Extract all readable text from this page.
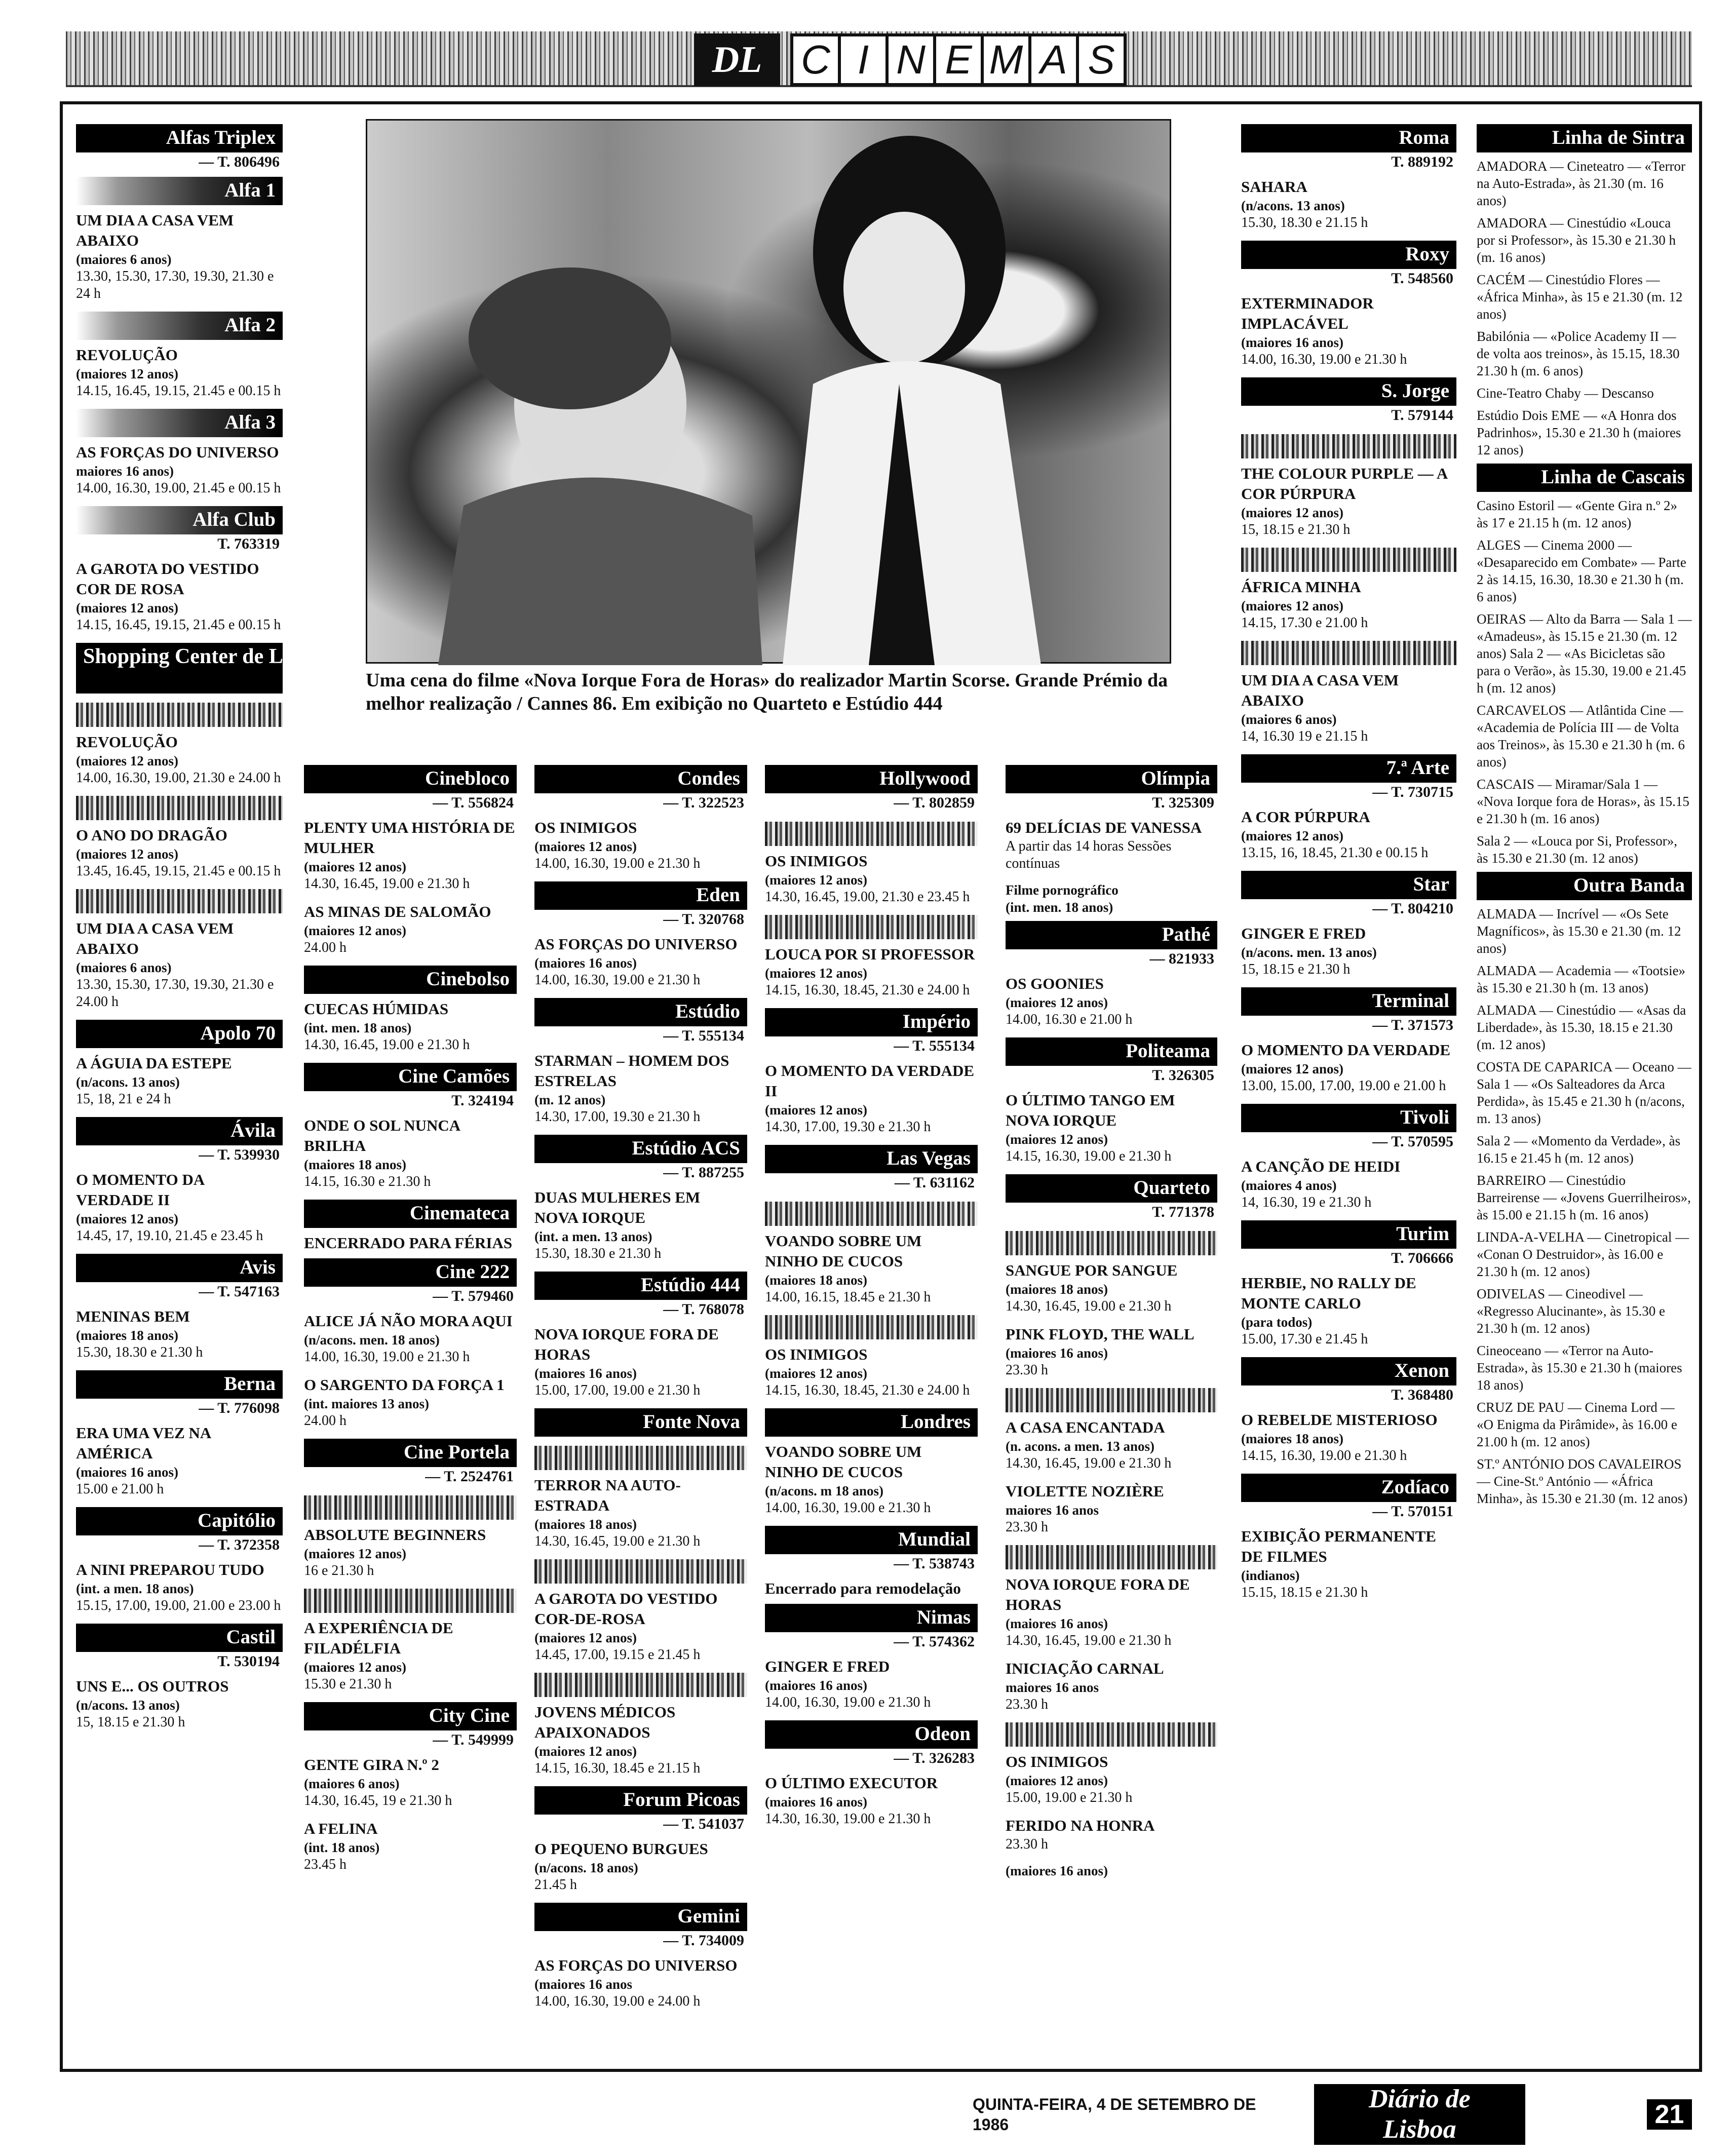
DL C I N E M A S
Alfas Triplex
— T. 806496
Alfa 1
UM DIA A CASA VEM ABAIXO
(maiores 6 anos)
13.30, 15.30, 17.30, 19.30, 21.30 e 24 h
Alfa 2
REVOLUÇÃO
(maiores 12 anos)
14.15, 16.45, 19.15, 21.45 e 00.15 h
Alfa 3
AS FORÇAS DO UNIVERSO
maiores 16 anos)
14.00, 16.30, 19.00, 21.45 e 00.15 h
Alfa Club
T. 763319
A GAROTA DO VESTIDO COR DE ROSA
(maiores 12 anos)
14.15, 16.45, 19.15, 21.45 e 00.15 h
Shopping Center de Lisboa
REVOLUÇÃO
(maiores 12 anos)
14.00, 16.30, 19.00, 21.30 e 24.00 h
O ANO DO DRAGÃO
(maiores 12 anos)
13.45, 16.45, 19.15, 21.45 e 00.15 h
UM DIA A CASA VEM ABAIXO
(maiores 6 anos)
13.30, 15.30, 17.30, 19.30, 21.30 e 24.00 h
Apolo 70
A ÁGUIA DA ESTEPE
(n/acons. 13 anos)
15, 18, 21 e 24 h
Ávila
— T. 539930
O MOMENTO DA VERDADE II
(maiores 12 anos)
14.45, 17, 19.10, 21.45 e 23.45 h
Avis
— T. 547163
MENINAS BEM
(maiores 18 anos)
15.30, 18.30 e 21.30 h
Berna
— T. 776098
ERA UMA VEZ NA AMÉRICA
(maiores 16 anos)
15.00 e 21.00 h
Capitólio
— T. 372358
A NINI PREPAROU TUDO
(int. a men. 18 anos)
15.15, 17.00, 19.00, 21.00 e 23.00 h
Castil
T. 530194
UNS E... OS OUTROS
(n/acons. 13 anos)
15, 18.15 e 21.30 h
Cinebloco
— T. 556824
PLENTY UMA HISTÓRIA DE MULHER
(maiores 12 anos)
14.30, 16.45, 19.00 e 21.30 h
AS MINAS DE SALOMÃO
(maiores 12 anos)
24.00 h
Cinebolso
CUECAS HÚMIDAS
(int. men. 18 anos)
14.30, 16.45, 19.00 e 21.30 h
Cine Camões
T. 324194
ONDE O SOL NUNCA BRILHA
(maiores 18 anos)
14.15, 16.30 e 21.30 h
Cinemateca
ENCERRADO PARA FÉRIAS
Cine 222
— T. 579460
ALICE JÁ NÃO MORA AQUI
(n/acons. men. 18 anos)
14.00, 16.30, 19.00 e 21.30 h
O SARGENTO DA FORÇA 1
(int. maiores 13 anos)
24.00 h
Cine Portela
— T. 2524761
ABSOLUTE BEGINNERS
(maiores 12 anos)
16 e 21.30 h
A EXPERIÊNCIA DE FILADÉLFIA
(maiores 12 anos)
15.30 e 21.30 h
City Cine
— T. 549999
GENTE GIRA N.º 2
(maiores 6 anos)
14.30, 16.45, 19 e 21.30 h
A FELINA
(int. 18 anos)
23.45 h
Condes
— T. 322523
OS INIMIGOS
(maiores 12 anos)
14.00, 16.30, 19.00 e 21.30 h
Eden
— T. 320768
AS FORÇAS DO UNIVERSO
(maiores 16 anos)
14.00, 16.30, 19.00 e 21.30 h
Estúdio
— T. 555134
STARMAN – HOMEM DOS ESTRELAS
(m. 12 anos)
14.30, 17.00, 19.30 e 21.30 h
Estúdio ACS
— T. 887255
DUAS MULHERES EM NOVA IORQUE
(int. a men. 13 anos)
15.30, 18.30 e 21.30 h
Estúdio 444
— T. 768078
NOVA IORQUE FORA DE HORAS
(maiores 16 anos)
15.00, 17.00, 19.00 e 21.30 h
Fonte Nova
TERROR NA AUTO-ESTRADA
(maiores 18 anos)
14.30, 16.45, 19.00 e 21.30 h
A GAROTA DO VESTIDO COR-DE-ROSA
(maiores 12 anos)
14.45, 17.00, 19.15 e 21.45 h
JOVENS MÉDICOS APAIXONADOS
(maiores 12 anos)
14.15, 16.30, 18.45 e 21.15 h
Forum Picoas
— T. 541037
O PEQUENO BURGUES
(n/acons. 18 anos)
21.45 h
Gemini
— T. 734009
AS FORÇAS DO UNIVERSO
(maiores 16 anos
14.00, 16.30, 19.00 e 24.00 h
Hollywood
— T. 802859
OS INIMIGOS
(maiores 12 anos)
14.30, 16.45, 19.00, 21.30 e 23.45 h
LOUCA POR SI PROFESSOR
(maiores 12 anos)
14.15, 16.30, 18.45, 21.30 e 24.00 h
Império
— T. 555134
O MOMENTO DA VERDADE II
(maiores 12 anos)
14.30, 17.00, 19.30 e 21.30 h
Las Vegas
— T. 631162
VOANDO SOBRE UM NINHO DE CUCOS
(maiores 18 anos)
14.00, 16.15, 18.45 e 21.30 h
OS INIMIGOS
(maiores 12 anos)
14.15, 16.30, 18.45, 21.30 e 24.00 h
Londres
VOANDO SOBRE UM NINHO DE CUCOS
(n/acons. m 18 anos)
14.00, 16.30, 19.00 e 21.30 h
Mundial
— T. 538743
Encerrado para remodelação
Nimas
— T. 574362
GINGER E FRED
(maiores 16 anos)
14.00, 16.30, 19.00 e 21.30 h
Odeon
— T. 326283
O ÚLTIMO EXECUTOR
(maiores 16 anos)
14.30, 16.30, 19.00 e 21.30 h
Olímpia
T. 325309
69 DELÍCIAS DE VANESSA
A partir das 14 horas Sessões contínuas
Filme pornográfico
(int. men. 18 anos)
Pathé
— 821933
OS GOONIES
(maiores 12 anos)
14.00, 16.30 e 21.00 h
Politeama
T. 326305
O ÚLTIMO TANGO EM NOVA IORQUE
(maiores 12 anos)
14.15, 16.30, 19.00 e 21.30 h
Quarteto
T. 771378
SANGUE POR SANGUE
(maiores 18 anos)
14.30, 16.45, 19.00 e 21.30 h
PINK FLOYD, THE WALL
(maiores 16 anos)
23.30 h
A CASA ENCANTADA
(n. acons. a men. 13 anos)
14.30, 16.45, 19.00 e 21.30 h
VIOLETTE NOZIÈRE
maiores 16 anos
23.30 h
NOVA IORQUE FORA DE HORAS
(maiores 16 anos)
14.30, 16.45, 19.00 e 21.30 h
INICIAÇÃO CARNAL
maiores 16 anos
23.30 h
OS INIMIGOS
(maiores 12 anos)
15.00, 19.00 e 21.30 h
FERIDO NA HONRA
23.30 h
(maiores 16 anos)
Roma
T. 889192
SAHARA
(n/acons. 13 anos)
15.30, 18.30 e 21.15 h
Roxy
T. 548560
EXTERMINADOR IMPLACÁVEL
(maiores 16 anos)
14.00, 16.30, 19.00 e 21.30 h
S. Jorge
T. 579144
THE COLOUR PURPLE — A COR PÚRPURA
(maiores 12 anos)
15, 18.15 e 21.30 h
ÁFRICA MINHA
(maiores 12 anos)
14.15, 17.30 e 21.00 h
UM DIA A CASA VEM ABAIXO
(maiores 6 anos)
14, 16.30 19 e 21.15 h
7.ª Arte
— T. 730715
A COR PÚRPURA
(maiores 12 anos)
13.15, 16, 18.45, 21.30 e 00.15 h
Star
— T. 804210
GINGER E FRED
(n/acons. men. 13 anos)
15, 18.15 e 21.30 h
Terminal
— T. 371573
O MOMENTO DA VERDADE
(maiores 12 anos)
13.00, 15.00, 17.00, 19.00 e 21.00 h
Tivoli
— T. 570595
A CANÇÃO DE HEIDI
(maiores 4 anos)
14, 16.30, 19 e 21.30 h
Turim
T. 706666
HERBIE, NO RALLY DE MONTE CARLO
(para todos)
15.00, 17.30 e 21.45 h
Xenon
T. 368480
O REBELDE MISTERIOSO
(maiores 18 anos)
14.15, 16.30, 19.00 e 21.30 h
Zodíaco
— T. 570151
EXIBIÇÃO PERMANENTE DE FILMES
(indianos)
15.15, 18.15 e 21.30 h
Linha de Sintra
AMADORA — Cineteatro — «Terror na Auto-Estrada», às 21.30 (m. 16 anos)
AMADORA — Cinestúdio «Louca por si Professor», às 15.30 e 21.30 h (m. 16 anos)
CACÉM — Cinestúdio Flores — «África Minha», às 15 e 21.30 (m. 12 anos)
Babilónia — «Police Academy II — de volta aos treinos», às 15.15, 18.30 21.30 h (m. 6 anos)
Cine-Teatro Chaby — Descanso
Estúdio Dois EME — «A Honra dos Padrinhos», 15.30 e 21.30 h (maiores 12 anos)
Linha de Cascais
Casino Estoril — «Gente Gira n.º 2» às 17 e 21.15 h (m. 12 anos)
ALGES — Cinema 2000 — «Desaparecido em Combate» — Parte 2 às 14.15, 16.30, 18.30 e 21.30 h (m. 6 anos)
OEIRAS — Alto da Barra — Sala 1 — «Amadeus», às 15.15 e 21.30 (m. 12 anos) Sala 2 — «As Bicicletas são para o Verão», às 15.30, 19.00 e 21.45 h (m. 12 anos)
CARCAVELOS — Atlântida Cine — «Academia de Polícia III — de Volta aos Treinos», às 15.30 e 21.30 h (m. 6 anos)
CASCAIS — Miramar/Sala 1 — «Nova Iorque fora de Horas», às 15.15 e 21.30 h (m. 16 anos)
Sala 2 — «Louca por Si, Professor», às 15.30 e 21.30 (m. 12 anos)
Outra Banda
ALMADA — Incrível — «Os Sete Magníficos», às 15.30 e 21.30 (m. 12 anos)
ALMADA — Academia — «Tootsie» às 15.30 e 21.30 h (m. 13 anos)
ALMADA — Cinestúdio — «Asas da Liberdade», às 15.30, 18.15 e 21.30 (m. 12 anos)
COSTA DE CAPARICA — Oceano — Sala 1 — «Os Salteadores da Arca Perdida», às 15.45 e 21.30 h (n/acons, m. 13 anos)
Sala 2 — «Momento da Verdade», às 16.15 e 21.45 h (m. 12 anos)
BARREIRO — Cinestúdio Barreirense — «Jovens Guerrilheiros», às 15.00 e 21.15 h (m. 16 anos)
LINDA-A-VELHA — Cinetropical — «Conan O Destruidor», às 16.00 e 21.30 h (m. 12 anos)
ODIVELAS — Cineodivel — «Regresso Alucinante», às 15.30 e 21.30 h (m. 12 anos)
Cineoceano — «Terror na Auto-Estrada», às 15.30 e 21.30 h (maiores 18 anos)
CRUZ DE PAU — Cinema Lord — «O Enigma da Pirâmide», às 16.00 e 21.00 h (m. 12 anos)
ST.º ANTÓNIO DOS CAVALEIROS — Cine-St.º António — «África Minha», às 15.30 e 21.30 (m. 12 anos)
Uma cena do filme «Nova Iorque Fora de Horas» do realizador Martin Scorse. Grande Prémio da melhor realização / Cannes 86. Em exibição no Quarteto e Estúdio 444
QUINTA-FEIRA, 4 DE SETEMBRO DE 1986
Diário de Lisboa
21
